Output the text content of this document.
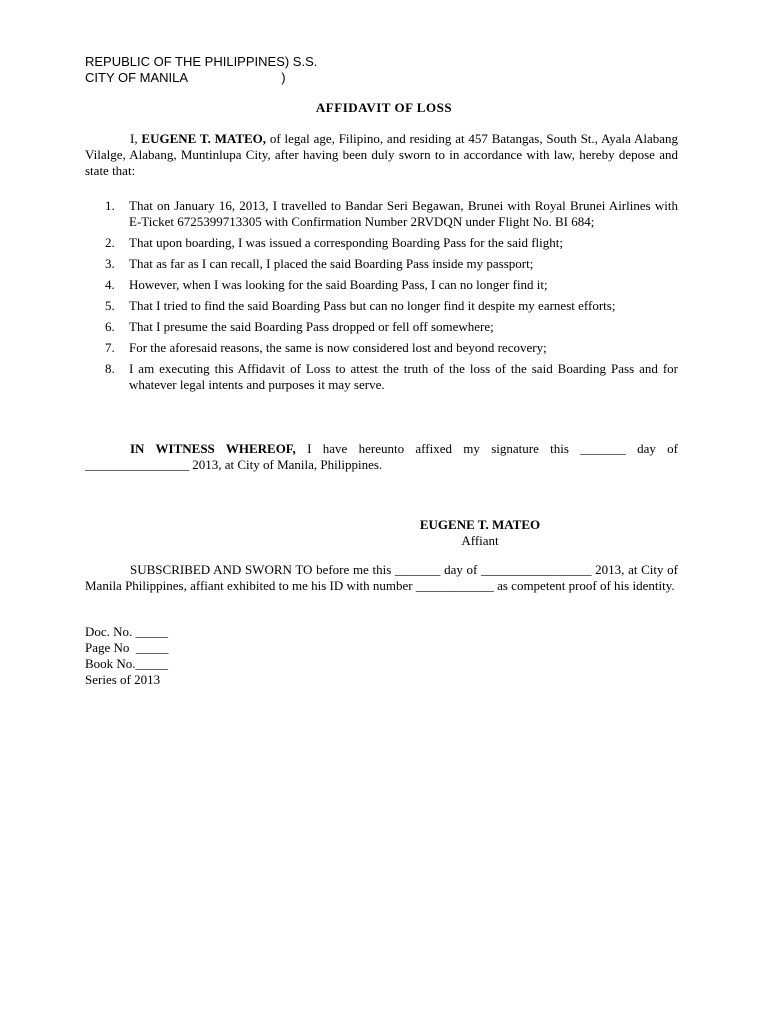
REPUBLIC OF THE PHILIPPINES) S.S.
CITY OF MANILA                          )
AFFIDAVIT OF LOSS
I, EUGENE T. MATEO, of legal age, Filipino, and residing at 457 Batangas, South St., Ayala Alabang Vilalge, Alabang, Muntinlupa City, after having been duly sworn to in accordance with law, hereby depose and state that:
1. That on January 16, 2013, I travelled to Bandar Seri Begawan, Brunei with Royal Brunei Airlines with E-Ticket 6725399713305 with Confirmation Number 2RVDQN under Flight No. BI 684;
2. That upon boarding, I was issued a corresponding Boarding Pass for the said flight;
3. That as far as I can recall, I placed the said Boarding Pass inside my passport;
4. However, when I was looking for the said Boarding Pass, I can no longer find it;
5. That I tried to find the said Boarding Pass but can no longer find it despite my earnest efforts;
6. That I presume the said Boarding Pass dropped or fell off somewhere;
7. For the aforesaid reasons, the same is now considered lost and beyond recovery;
8. I am executing this Affidavit of Loss to attest the truth of the loss of the said Boarding Pass and for whatever legal intents and purposes it may serve.
IN WITNESS WHEREOF, I have hereunto affixed my signature this _______ day of ________________ 2013, at City of Manila, Philippines.
EUGENE T. MATEO
Affiant
SUBSCRIBED AND SWORN TO before me this _______ day of _________________ 2013, at City of Manila Philippines, affiant exhibited to me his ID with number ____________ as competent proof of his identity.
Doc. No. _____
Page No  _____
Book No._____
Series of 2013
